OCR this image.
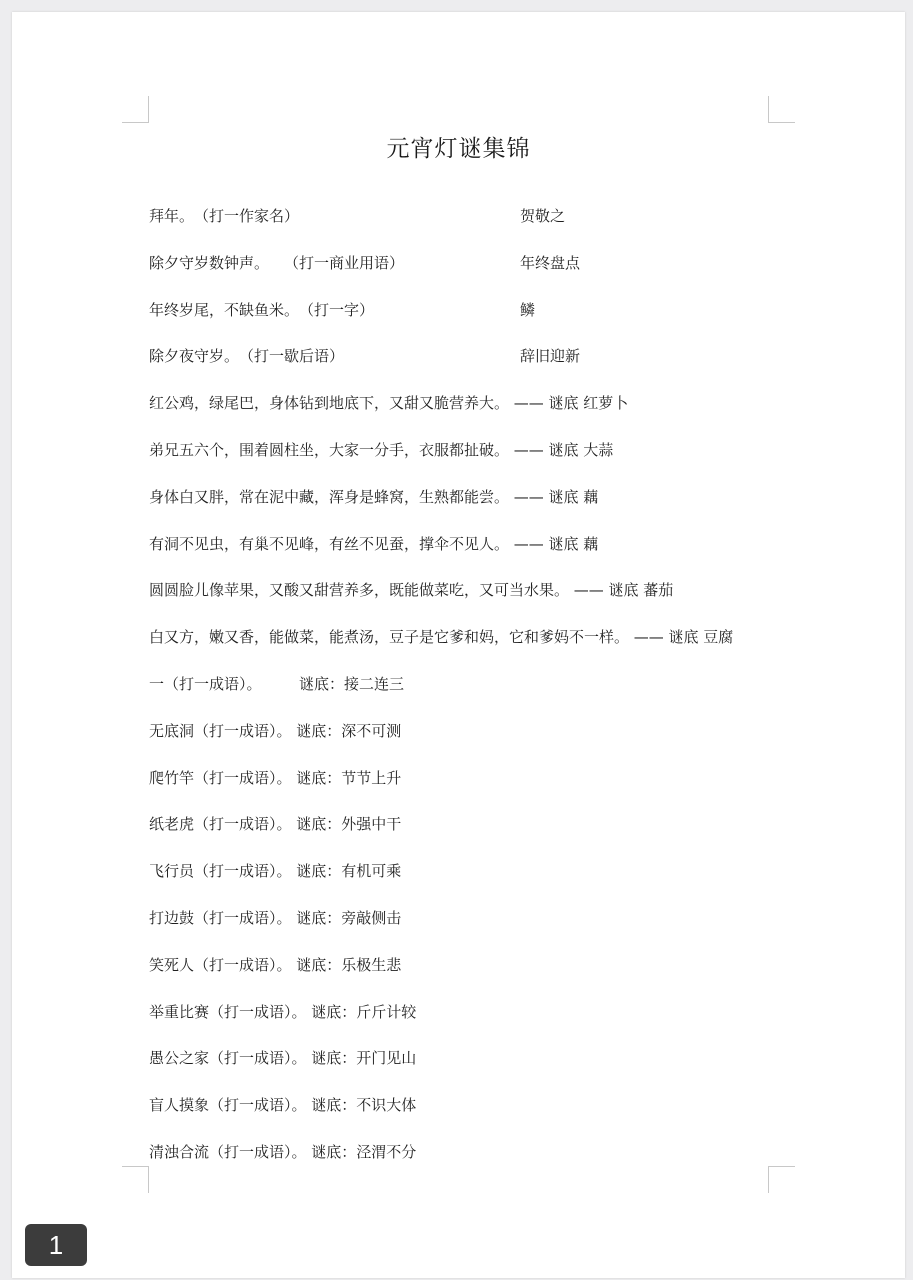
元宵灯谜集锦
拜年。　（打一作家名）	贺敬之
除夕守岁数钟声。　　（打一商业用语）	年终盘点
年终岁尾，不缺鱼米。　（打一字）	鳞
除夕夜守岁。　（打一歇后语）	辞旧迎新
红公鸡，绿尾巴，身体钻到地底下，又甜又脆营养大。 —— 谜底 红萝卜
弟兄五六个，围着圆柱坐，大家一分手，衣服都扯破。 —— 谜底 大蒜
身体白又胖，常在泥中藏，浑身是蜂窝，生熟都能尝。 —— 谜底 藕
有洞不见虫，有巢不见峰，有丝不见蚕，撑伞不见人。 —— 谜底 藕
圆圆脸儿像苹果，又酸又甜营养多，既能做菜吃，又可当水果。 —— 谜底 蕃茄
白又方，嫩又香，能做菜，能煮汤，豆子是它爹和妈，它和爹妈不一样。 —— 谜底 豆腐
一（打一成语）。　　　谜底：接二连三
无底洞（打一成语）。 谜底：深不可测
爬竹竿（打一成语）。 谜底：节节上升
纸老虎（打一成语）。 谜底：外强中干
飞行员（打一成语）。 谜底：有机可乘
打边鼓（打一成语）。 谜底：旁敲侧击
笑死人（打一成语）。 谜底：乐极生悲
举重比赛（打一成语）。 谜底：斤斤计较
愚公之家（打一成语）。 谜底：开门见山
盲人摸象（打一成语）。 谜底：不识大体
清浊合流（打一成语）。 谜底：泾渭不分
1
